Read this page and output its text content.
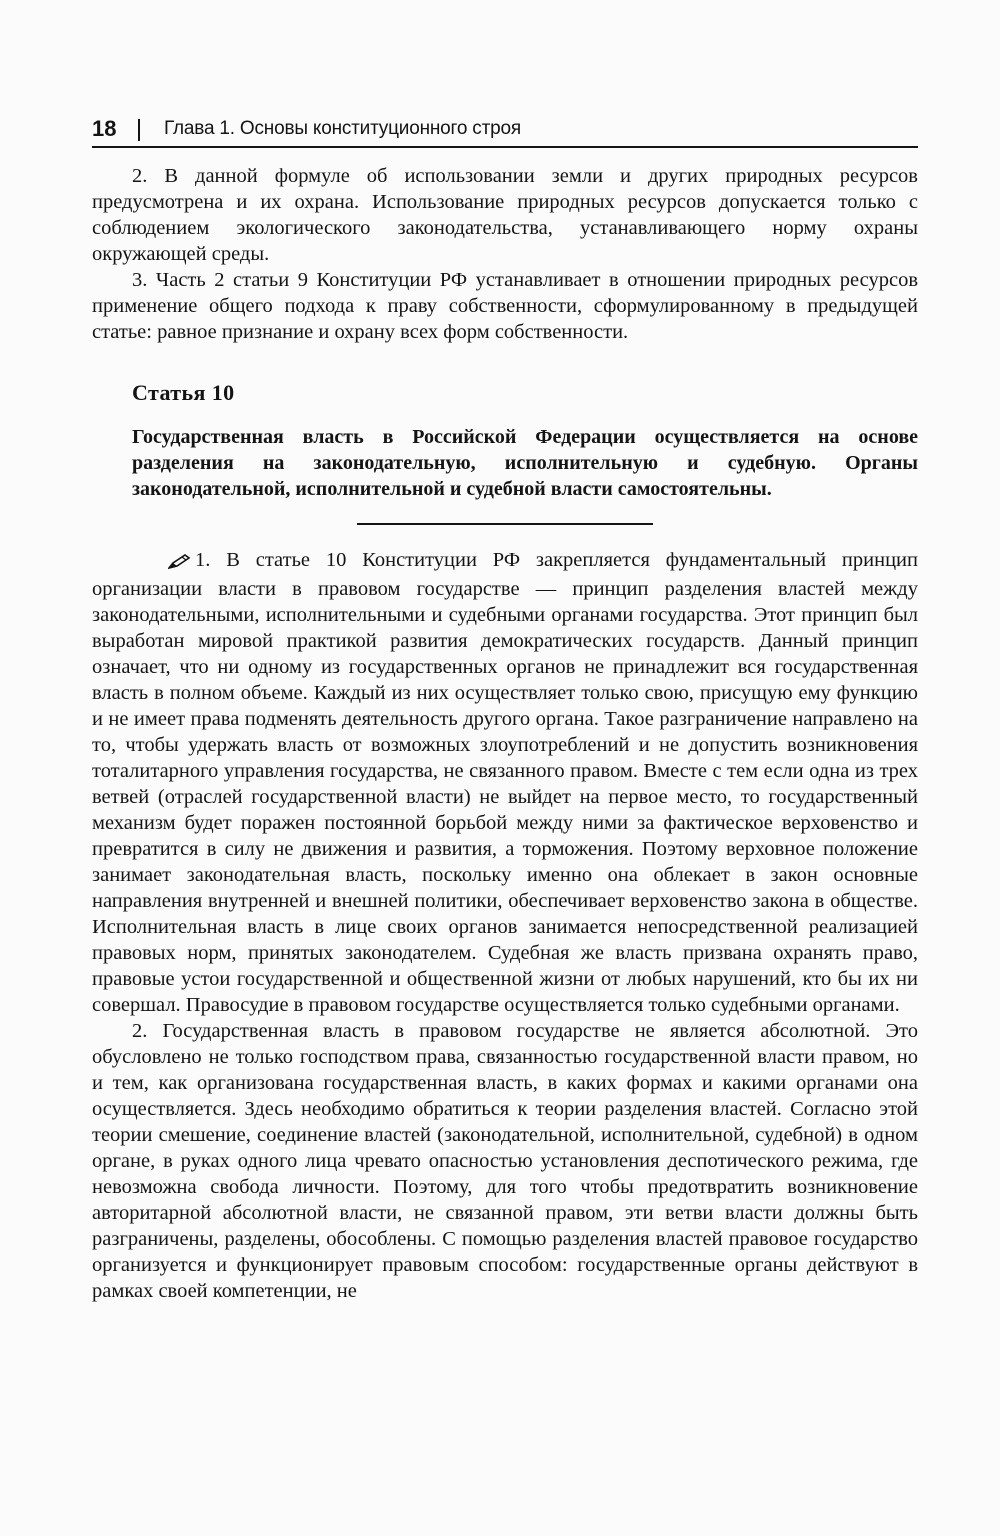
18	Глава 1. Основы конституционного строя

2. В данной формуле об использовании земли и других природных ресурсов предусмотрена и их охрана. Использование природных ресурсов допускается только с соблюдением экологического законодательства, устанавливающего норму охраны окружающей среды.

3. Часть 2 статьи 9 Конституции РФ устанавливает в отношении природных ресурсов применение общего подхода к праву собственности, сформулированному в предыдущей статье: равное признание и охрану всех форм собственности.

Статья 10

Государственная власть в Российской Федерации осуществляется на основе разделения на законодательную, исполнительную и судебную. Органы законодательной, исполнительной и судебной власти самостоятельны.

1. В статье 10 Конституции РФ закрепляется фундаментальный принцип организации власти в правовом государстве — принцип разделения властей между законодательными, исполнительными и судебными органами государства. Этот принцип был выработан мировой практикой развития демократических государств. Данный принцип означает, что ни одному из государственных органов не принадлежит вся государственная власть в полном объеме. Каждый из них осуществляет только свою, присущую ему функцию и не имеет права подменять деятельность другого органа. Такое разграничение направлено на то, чтобы удержать власть от возможных злоупотреблений и не допустить возникновения тоталитарного управления государства, не связанного правом. Вместе с тем если одна из трех ветвей (отраслей государственной власти) не выйдет на первое место, то государственный механизм будет поражен постоянной борьбой между ними за фактическое верховенство и превратится в силу не движения и развития, а торможения. Поэтому верховное положение занимает законодательная власть, поскольку именно она облекает в закон основные направления внутренней и внешней политики, обеспечивает верховенство закона в обществе. Исполнительная власть в лице своих органов занимается непосредственной реализацией правовых норм, принятых законодателем. Судебная же власть призвана охранять право, правовые устои государственной и общественной жизни от любых нарушений, кто бы их ни совершал. Правосудие в правовом государстве осуществляется только судебными органами.

2. Государственная власть в правовом государстве не является абсолютной. Это обусловлено не только господством права, связанностью государственной власти правом, но и тем, как организована государственная власть, в каких формах и какими органами она осуществляется. Здесь необходимо обратиться к теории разделения властей. Согласно этой теории смешение, соединение властей (законодательной, исполнительной, судебной) в одном органе, в руках одного лица чревато опасностью установления деспотического режима, где невозможна свобода личности. Поэтому, для того чтобы предотвратить возникновение авторитарной абсолютной власти, не связанной правом, эти ветви власти должны быть разграничены, разделены, обособлены. С помощью разделения властей правовое государство организуется и функционирует правовым способом: государственные органы действуют в рамках своей компетенции, не
